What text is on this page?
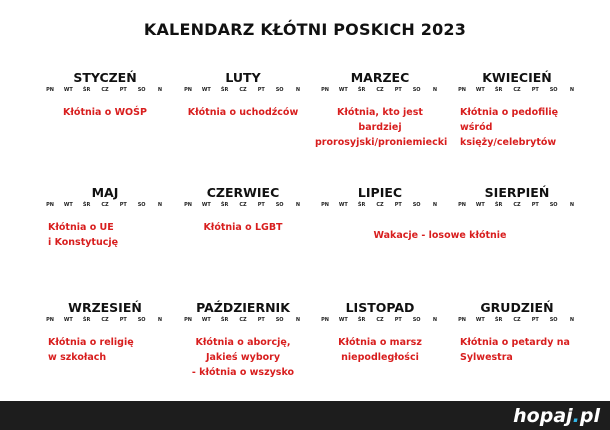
KALENDARZ KŁÓTNI POSKICH 2023
STYCZEŃ
PN	WT	ŚR	CZ	PT	SO	N
Kłótnia o WOŚP
LUTY
PN	WT	ŚR	CZ	PT	SO	N
Kłótnia o uchodźców
MARZEC
PN	WT	ŚR	CZ	PT	SO	N
Kłótnia, kto jest bardziej
prorosyjski/proniemiecki
KWIECIEŃ
PN	WT	ŚR	CZ	PT	SO	N
Kłótnia o pedofilię
wśród
księży/celebrytów
MAJ
PN	WT	ŚR	CZ	PT	SO	N
Kłótnia o UE
i Konstytucję
CZERWIEC
PN	WT	ŚR	CZ	PT	SO	N
Kłótnia o LGBT
LIPIEC
PN	WT	ŚR	CZ	PT	SO	N
SIERPIEŃ
PN	WT	ŚR	CZ	PT	SO	N
WRZESIEŃ
PN	WT	ŚR	CZ	PT	SO	N
Kłótnia o religię
w szkołach
PAŹDZIERNIK
PN	WT	ŚR	CZ	PT	SO	N
Kłótnia o aborcję,
Jakieś wybory
- kłótnia o wszysko
LISTOPAD
PN	WT	ŚR	CZ	PT	SO	N
Kłótnia o marsz
niepodległości
GRUDZIEŃ
PN	WT	ŚR	CZ	PT	SO	N
Kłótnia o petardy na
Sylwestra
Wakacje - losowe kłótnie
hopaj.pl
